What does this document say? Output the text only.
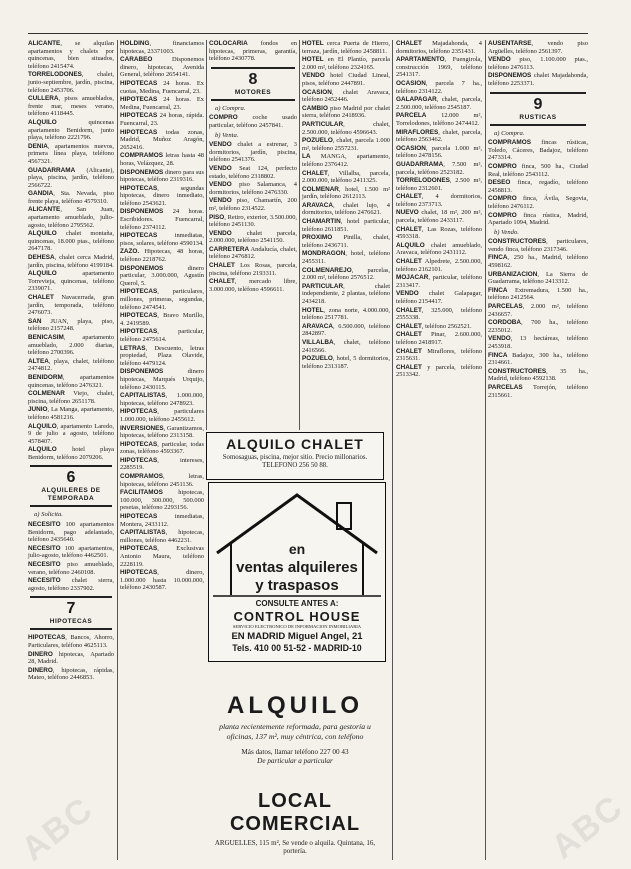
ALICANTE, se alquilan apartamentos y chalets por quincenas, bien situados, teléfono 2415474.

TORRELODONES, chalet, junio-septiembre, jardín, piscina, teléfono 2453706.

CULLERA, pisos amueblados, frente mar, meses verano, teléfono 4118445.

ALQUILO quincenas apartamento Benidorm, junto playa, teléfono 2221796.

DENIA, apartamentos nuevos, primera línea playa, teléfono 4567321.

GUADARRAMA (Alicante), playa, piscina, jardín, teléfono 2566722.

GANDIA, Sta. Nevada, piso frente playa, teléfono 4579310.

ALICANTE, San Juan, apartamento amueblado, julio-agosto, teléfono 2795562.

ALQUILO chalet montaña, quincenas, 18.000 ptas., teléfono 2647178.

DEHESA, chalet cerca Madrid, jardín, piscina, teléfono 4199184.

ALQUILO apartamento Torrevieja, quincenas, teléfono 2339071.

CHALET Navacerrada, gran jardín, temporada, teléfono 2476073.

SAN JUAN, playa, piso, teléfono 2157248.

BENICASIM, apartamento amueblado, 2.000 diarias, teléfono 2700396.

ALTEA, playa, chalet, teléfono 2474812.

BENIDORM, apartamentos quincenas, teléfono 2476321.

COLMENAR Viejo, chalet, piscina, teléfono 2651178.

JUNIO, La Manga, apartamento, teléfono 4581216.

ALQUILO, apartamento Laredo, 9 de julio a agosto, teléfono 4578407.

ALQUILO hotel playa Benidorm, teléfono 2079206.

6
ALQUILERES DE TEMPORADA
a) Solicita.

NECESITO 100 apartamentos Benidorm, pago adelantado, teléfono 2435640.

NECESITO 100 apartamentos, julio-agosto, teléfono 4462501.

NECESITO piso amueblado, verano, teléfono 2460108.

NECESITO chalet sierra, agosto, teléfono 2337902.

7
HIPOTECAS

HIPOTECAS, Bancos, Ahorro, Particulares, teléfono 4625113.

DINERO hipotecas, Apartado 28, Madrid.

DINERO, hipotecas, rápidas, Mateo, teléfono 2446853.

HOLDING, financiamos hipotecas, 23371003.

CARABEO Disponemos dinero, hipotecas, Avenida General, teléfono 2654141.

HIPOTECAS 24 horas. Ex cuotas, Medina, Fuencarral, 23.

HIPOTECAS 24 horas. Ex Medina, Fuencarral, 23.

HIPOTECAS 24 horas, rápida. Fuencarral, 23.

HIPOTECAS todas zonas, Madrid, Muñoz Aragón, 2652416.

COMPRAMOS letras hasta 48 horas, Velázquez, 28.

DISPONEMOS dinero para sus hipotecas, teléfono 2319316.

HIPOTECAS, segundas hipotecas, dinero inmediato, teléfono 2543621.

DISPONEMOS 24 horas. Escribidores. Fuencarral, teléfono 2374112.

HIPOTECAS inmediatas, pisos, solares, teléfono 4590134.

ZAZO. Hipotecas, 48 horas, teléfono 2218762.

DISPONEMOS dinero particular, 3.000.000, Agustín Querol, 5.

HIPOTECAS, particulares, millones, primeras, segundas, teléfono 2474541.

HIPOTECAS, Bravo Murillo, 4. 2419589.

HIPOTECAS, particular, teléfono 2475614.

LETRAS, Descuento, letras propiedad, Plaza Olavide, teléfono 4479124.

DISPONEMOS dinero hipotecas, Marqués Urquijo, teléfono 2430115.

CAPITALISTAS, 1.000.000, hipotecas, teléfono 2478923.

HIPOTECAS, particulares 1.000.000, teléfono 2455612.

INVERSIONES, Garantizamos, hipotecas, teléfono 2313158.

HIPOTECAS, particular, todas zonas, teléfono 4593367.

HIPOTECAS, intereses, 2285519.

COMPRAMOS, letras, hipotecas, teléfono 2451136.

FACILITAMOS hipotecas, 100.000, 300.000, 500.000 pesetas, teléfono 2293156.

HIPOTECAS inmediatas, Montera, 2433112.

CAPITALISTAS, hipotecas, millones, teléfono 4462231.

HIPOTECAS, Exclusivas Antonio Maura, teléfono 2228119.

HIPOTECAS, dinero, 1.000.000 hasta 10.000.000, teléfono 2430587.

COLOCARIA fondos en hipotecas, primeras, garantía, teléfono 2430778.

8
MOTORES
a) Compra.

COMPRO coche usado particular, teléfono 2457841.

b) Venta.

VENDO chalet a estrenar, 3 dormitorios, jardín, piscina, teléfono 2541376.

VENDO Seat 124, perfecto estado, teléfono 2318802.

VENDO piso Salamanca, 4 dormitorios, teléfono 2476330.

VENDO piso, Chamartín, 200 m², teléfono 2314522.

PISO, Retiro, exterior, 3.500.000, teléfono 2451130.

VENDO chalet parcela, 2.000.000, teléfono 2541150.

CARRETERA Andalucía, chalet, teléfono 2476812.

CHALET Los Rosas, parcela, piscina, teléfono 2193311.

CHALET, mercado libre, 3.000.000, teléfono 4596611.

HOTEL cerca Puerta de Hierro, terraza, jardín, teléfono 2458811.

HOTEL en El Plantío, parcela 2.000 m², teléfono 2324165.

VENDO hotel Ciudad Lineal, pisos, teléfono 2447891.

OCASION, chalet Aravaca, teléfono 2452446.

CAMBIO piso Madrid por chalet sierra, teléfono 2418936.

PARTICULAR, chalet, 2.500.000, teléfono 4596643.

POZUELO, chalet, parcela 1.000 m², teléfono 2557231.

LA MANGA, apartamento, teléfono 2376412.

CHALET, Villalba, parcela, 2.000.000, teléfono 2411325.

COLMENAR, hotel, 1.500 m² jardín, teléfono 2612113.

ARAVACA, chalet lujo, 4 dormitorios, teléfono 2476621.

CHAMARTIN, hotel particular, teléfono 2611851.

PROXIMO Pinilla, chalet, teléfono 2436711.

MONDRAGON, hotel, teléfono 2455311.

COLMENAREJO, parcelas, 2.000 m², teléfono 2576512.

PARTICULAR, chalet independiente, 2 plantas, teléfono 2434218.

HOTEL, zona norte, 4.000.000, teléfono 2517781.

ARAVACA, 6.500.000, teléfono 2842897.

VILLALBA, chalet, teléfono 2416566.

POZUELO, hotel, 5 dormitorios, teléfono 2313187.

CHALET Majadahonda, 4 dormitorios, teléfono 2351431.

APARTAMENTO, Fuengirola, construcción 1969, teléfono 2541317.

OCASION, parcela 7 ha., teléfono 2314122.

GALAPAGAR, chalet, parcela, 2.500.000, teléfono 2545187.

PARCELA 12.000 m², Torrelodones, teléfono 2474412.

MIRAFLORES, chalet, parcela, teléfono 2563462.

OCASION, parcela 1.000 m², teléfono 2478156.

GUADARRAMA, 7.500 m², parcela, teléfono 2523182.

TORRELODONES, 2.500 m², teléfono 2312601.

CHALET, 4 dormitorios, teléfono 2373713.

NUEVO chalet, 18 m², 200 m², parcela, teléfono 2433117.

CHALET, Las Rozas, teléfono 4593318.

ALQUILO chalet amueblado, Aravaca, teléfono 2431112.

CHALET Alpedrete, 2.500.000, teléfono 2162101.

MOJACAR, particular, teléfono 2313417.

VENDO chalet Galapagar, teléfono 2154417.

CHALET, 325.000, teléfono 2555338.

CHALET, teléfono 2562521.

CHALET Pinar, 2.600.000, teléfono 2418917.

CHALET Miraflores, teléfono 2315631.

CHALET y parcela, teléfono 2513342.

AUSENTARSE, vendo piso Argüelles, teléfono 2561397.

VENDO piso, 1.100.000 ptas., teléfono 2476113.

DISPONEMOS chalet Majadahonda, teléfono 2253371.

9
RUSTICAS
a) Compra.

COMPRAMOS fincas rústicas, Toledo, Cáceres, Badajoz, teléfono 2473314.

COMPRO finca, 500 ha., Ciudad Real, teléfono 2543112.

DESEO finca, regadío, teléfono 2458813.

COMPRO finca, Ávila, Segovia, teléfono 2476112.

COMPRO finca rústica, Madrid, Apartado 1094, Madrid.

b) Vendo.

CONSTRUCTORES, particulares, vendo finca, teléfono 2317346.

FINCA, 250 ha., Madrid, teléfono 4598162.

URBANIZACION, La Sierra de Guadarrama, teléfono 2413312.

FINCA Extremadura, 1.500 ha., teléfono 2412564.

PARCELAS, 2.000 m², teléfono 2436657.

CORDOBA, 700 ha., teléfono 2235012.

VENDO, 13 hectáreas, teléfono 2453918.

FINCA Badajoz, 300 ha., teléfono 2314661.

CONSTRUCTORES, 35 ha., Madrid, teléfono 4592138.

PARCELAS Torrejón, teléfono 2315661.

ALQUILO CHALET
Somosaguas, piscina, mejor sitio. Precio millonarios. TELEFONO 256 50 88.
en
ventas alquileres
y traspasos
CONSULTE ANTES A:
CONTROL HOUSE
SERVICIO ELECTRONICO DE INFORMACION INMOBILIARIA
EN MADRID Miguel Angel, 21
Tels. 410 00 51-52 - MADRID-10
ALQUILO
planta recientemente reformada, para gestoría u oficinas, 137 m², muy céntrica, con teléfono
Más datos, llamar teléfono 227 00 43
De particular a particular
LOCAL COMERCIAL
ARGUELLES, 115 m², Se vende o alquila. Quintana, 16, portería.
ABC	ABC
